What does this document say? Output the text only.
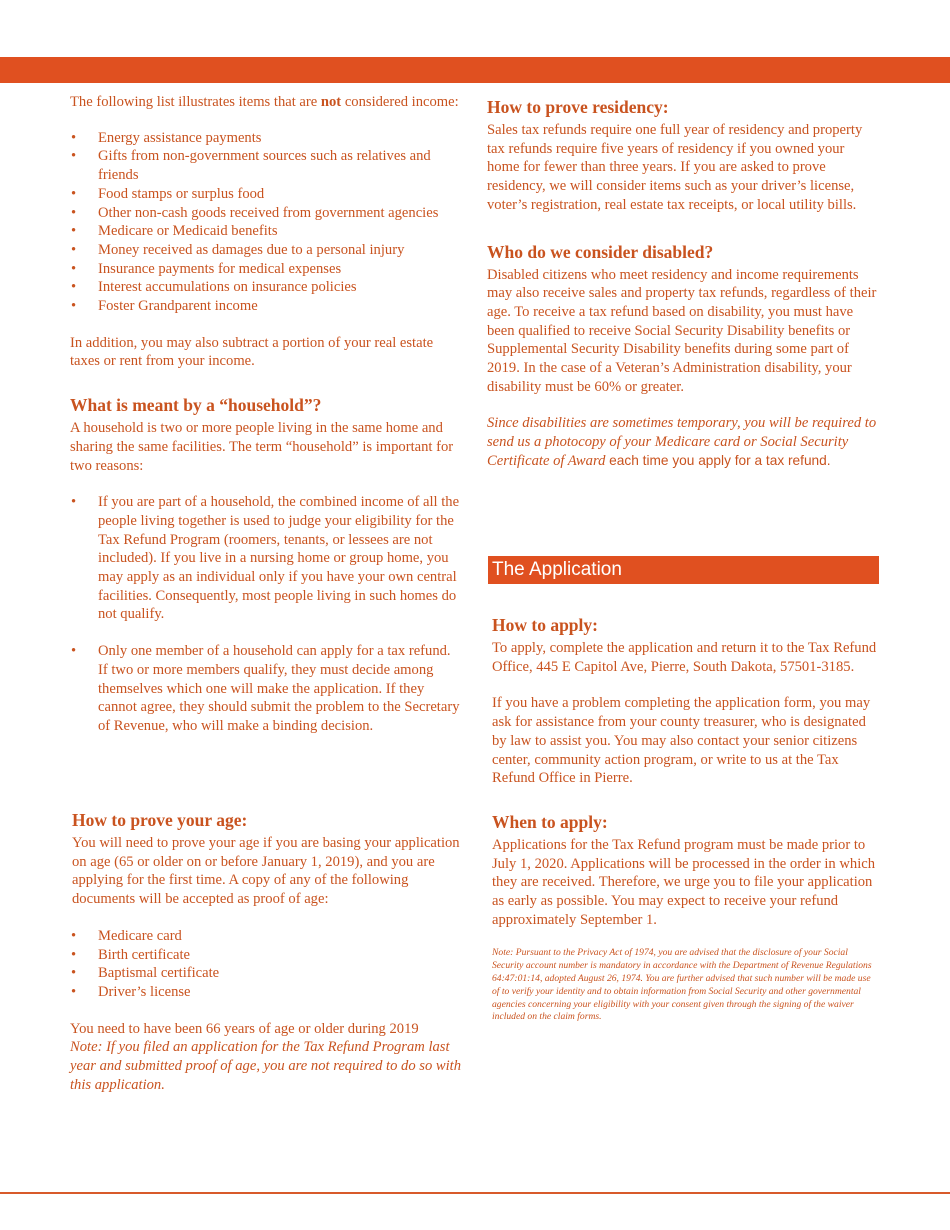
The following list illustrates items that are not considered income:

• Energy assistance payments
• Gifts from non-government sources such as relatives and friends
• Food stamps or surplus food
• Other non-cash goods received from government agencies
• Medicare or Medicaid benefits
• Money received as damages due to a personal injury
• Insurance payments for medical expenses
• Interest accumulations on insurance policies
• Foster Grandparent income

In addition, you may also subtract a portion of your real estate taxes or rent from your income.

What is meant by a “household”?

A household is two or more people living in the same home and sharing the same facilities. The term “household” is important for two reasons:

• If you are part of a household, the combined income of all the people living together is used to judge your eligibility for the Tax Refund Program (roomers, tenants, or lessees are not included). If you live in a nursing home or group home, you may apply as an individual only if you have your own central facilities. Consequently, most people living in such homes do not qualify.
• Only one member of a household can apply for a tax refund. If two or more members qualify, they must decide among themselves which one will make the application. If they cannot agree, they should submit the problem to the Secretary of Revenue, who will make a binding decision.
How to prove your age:

You will need to prove your age if you are basing your application on age (65 or older on or before January 1, 2019), and you are applying for the first time. A copy of any of the following documents will be accepted as proof of age:

• Medicare card
• Birth certificate
• Baptismal certificate
• Driver’s license

You need to have been 66 years of age or older during 2019

Note: If you filed an application for the Tax Refund Program last year and submitted proof of age, you are not required to do so with this application.

How to prove residency:

Sales tax refunds require one full year of residency and property tax refunds require five years of residency if you owned your home for fewer than three years. If you are asked to prove residency, we will consider items such as your driver’s license, voter’s registration, real estate tax receipts, or local utility bills.

Who do we consider disabled?

Disabled citizens who meet residency and income requirements may also receive sales and property tax refunds, regardless of their age. To receive a tax refund based on disability, you must have been qualified to receive Social Security Disability benefits or Supplemental Security Disability benefits during some part of 2019. In the case of a Veteran’s Administration disability, your disability must be 60% or greater.

Since disabilities are sometimes temporary, you will be required to send us a photocopy of your Medicare card or Social Security Certificate of Award each time you apply for a tax refund.

The Application
How to apply:

To apply, complete the application and return it to the Tax Refund Office, 445 E Capitol Ave, Pierre, South Dakota, 57501-3185.

If you have a problem completing the application form, you may ask for assistance from your county treasurer, who is designated by law to assist you. You may also contact your senior citizens center, community action program, or write to us at the Tax Refund Office in Pierre.

When to apply:

Applications for the Tax Refund program must be made prior to July 1, 2020. Applications will be processed in the order in which they are received. Therefore, we urge you to file your application as early as possible. You may expect to receive your refund approximately September 1.

Note: Pursuant to the Privacy Act of 1974, you are advised that the disclosure of your Social Security account number is mandatory in accordance with the Department of Revenue Regulations 64:47:01:14, adopted August 26, 1974. You are further advised that such number will be made use of to verify your identity and to obtain information from Social Security and other governmental agencies concerning your eligibility with your consent given through the signing of the waiver included on the claim forms.
